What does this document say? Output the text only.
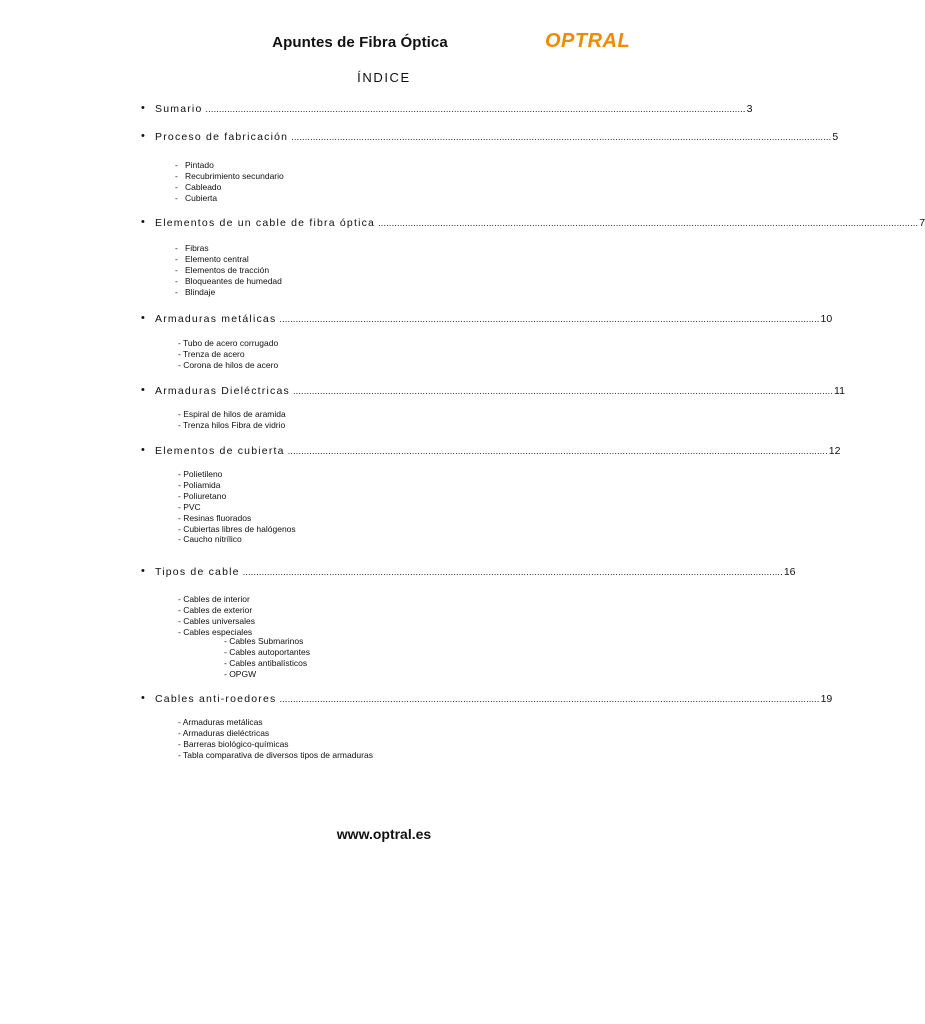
Apuntes de Fibra Óptica	OPTRAL
ÍNDICE
www.optral.es
• Sumario ........................................................................................................................................................................................................ 3
• Proceso de fabricación ........................................................................................................................................................................................................ 5
- Pintado
- Recubrimiento secundario
- Cableado
- Cubierta
• Elementos de un cable de fibra óptica ........................................................................................................................................................................................................ 7
- Fibras
- Elemento central
- Elementos de tracción
- Bloqueantes de humedad
- Blindaje
• Armaduras metálicas ........................................................................................................................................................................................................ 10
- Tubo de acero corrugado
- Trenza de acero
- Corona de hilos de acero
• Armaduras Dieléctricas ........................................................................................................................................................................................................ 11
- Espiral de hilos de aramida
- Trenza hilos Fibra de vidrio
• Elementos de cubierta ........................................................................................................................................................................................................ 12
- Polietileno
- Poliamida
- Poliuretano
- PVC
- Resinas fluorados
- Cubiertas libres de halógenos
- Caucho nitrílico
• Tipos de cable ........................................................................................................................................................................................................ 16
- Cables de interior
- Cables de exterior
- Cables universales
- Cables especiales
- Cables Submarinos
- Cables autoportantes
- Cables antibalísticos
- OPGW
• Cables anti-roedores ........................................................................................................................................................................................................ 19
- Armaduras metálicas
- Armaduras dieléctricas
- Barreras biológico-químicas
- Tabla comparativa de diversos tipos de armaduras
